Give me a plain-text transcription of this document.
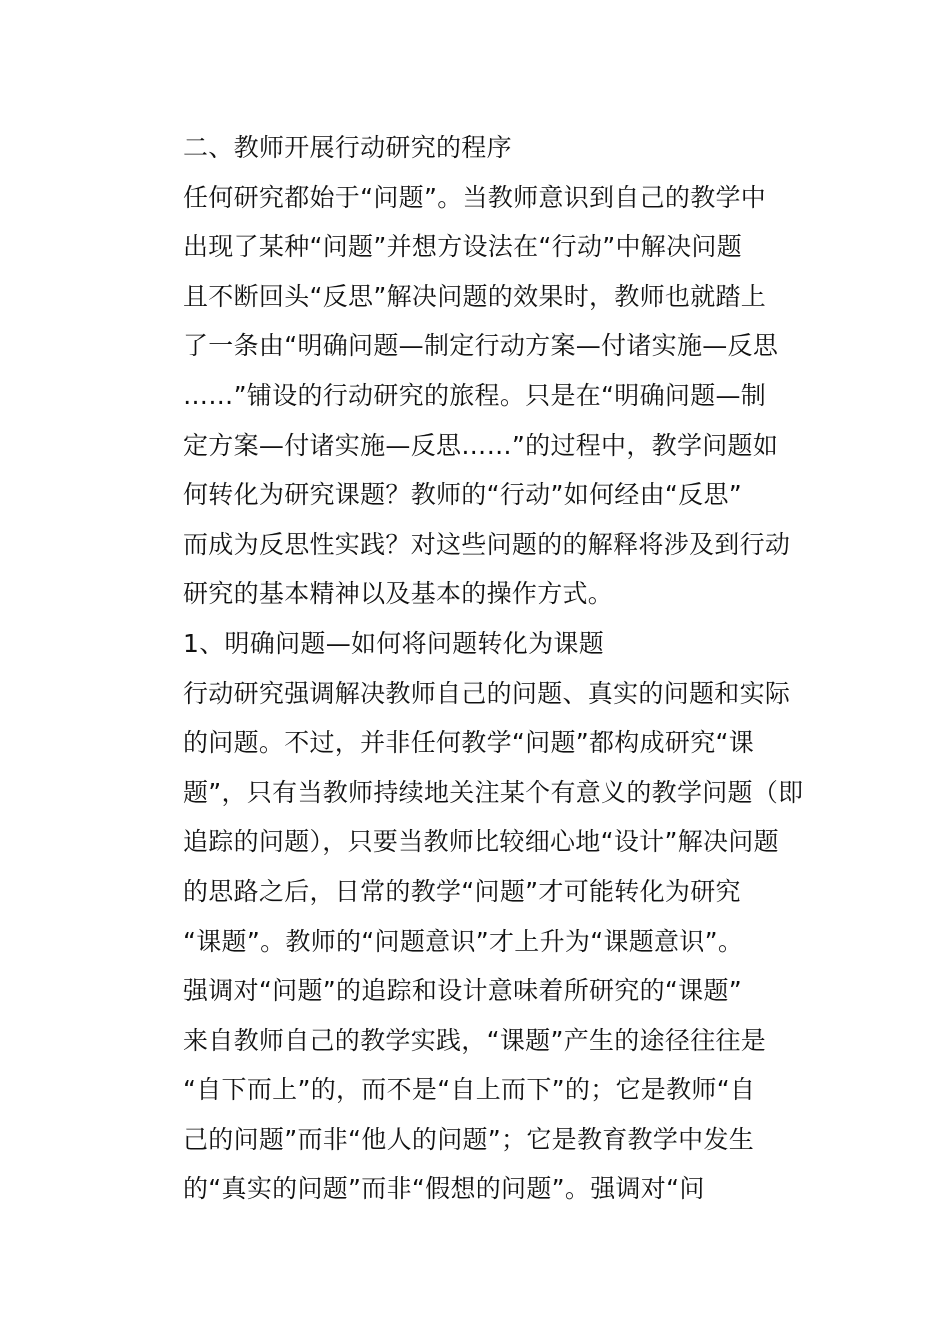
二、教师开展行动研究的程序
任何研究都始于“问题”。当教师意识到自己的教学中
出现了某种“问题”并想方设法在“行动”中解决问题
且不断回头“反思”解决问题的效果时，教师也就踏上
了一条由“明确问题—制定行动方案—付诸实施—反思
……”铺设的行动研究的旅程。只是在“明确问题—制
定方案—付诸实施—反思……”的过程中，教学问题如
何转化为研究课题？教师的“行动”如何经由“反思”
而成为反思性实践？对这些问题的的解释将涉及到行动
研究的基本精神以及基本的操作方式。
1、明确问题—如何将问题转化为课题
行动研究强调解决教师自己的问题、真实的问题和实际
的问题。不过，并非任何教学“问题”都构成研究“课
题”，只有当教师持续地关注某个有意义的教学问题（即
追踪的问题），只要当教师比较细心地“设计”解决问题
的思路之后，日常的教学“问题”才可能转化为研究
“课题”。教师的“问题意识”才上升为“课题意识”。
强调对“问题”的追踪和设计意味着所研究的“课题”
来自教师自己的教学实践，“课题”产生的途径往往是
“自下而上”的，而不是“自上而下”的；它是教师“自
己的问题”而非“他人的问题”；它是教育教学中发生
的“真实的问题”而非“假想的问题”。强调对“问
